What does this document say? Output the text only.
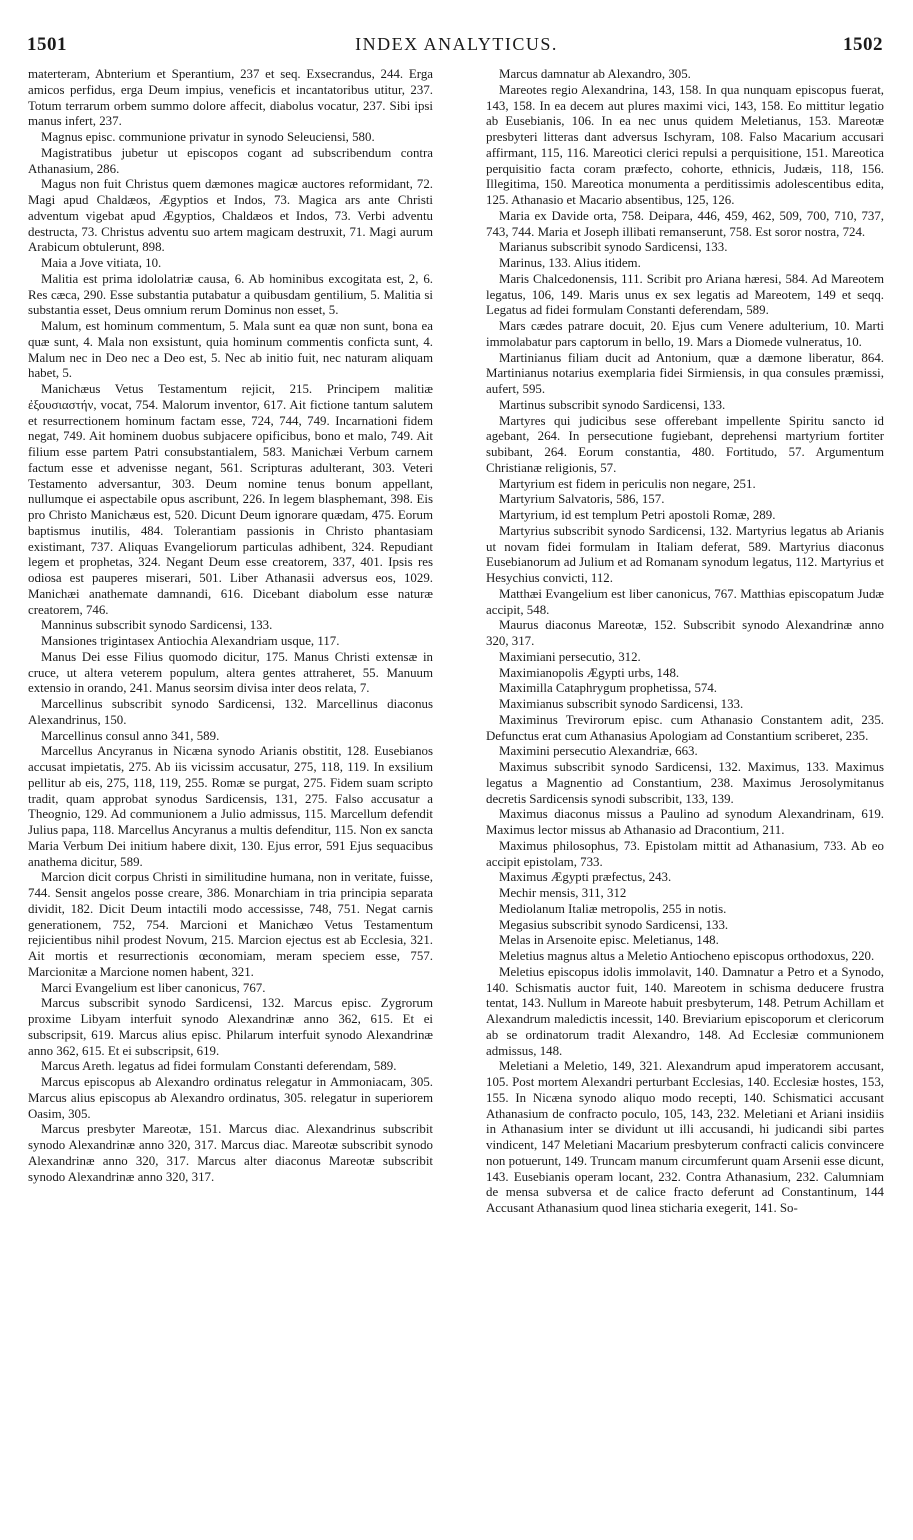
1501	INDEX ANALYTICUS.	1502

materteram, Abnterium et Sperantium, 237 et seq. Exsecrandus, 244. Erga amicos perfidus, erga Deum impius, veneficis et incantatoribus utitur, 237. Totum terrarum orbem summo dolore affecit, diabolus vocatur, 237. Sibi ipsi manus infert, 237.

Magnus episc. communione privatur in synodo Seleuciensi, 580.

Magistratibus jubetur ut episcopos cogant ad subscribendum contra Athanasium, 286.

Magus non fuit Christus quem dæmones magicæ auctores reformidant, 72. Magi apud Chaldæos, Ægyptios et Indos, 73. Magica ars ante Christi adventum vigebat apud Ægyptios, Chaldæos et Indos, 73. Verbi adventu destructa, 73. Christus adventu suo artem magicam destruxit, 71. Magi aurum Arabicum obtulerunt, 898.

Maia a Jove vitiata, 10.

Malitia est prima idololatriæ causa, 6. Ab hominibus excogitata est, 2, 6. Res cæca, 290. Esse substantia putabatur a quibusdam gentilium, 5. Malitia si substantia esset, Deus omnium rerum Dominus non esset, 5.

Malum, est hominum commentum, 5. Mala sunt ea quæ non sunt, bona ea quæ sunt, 4. Mala non exsistunt, quia hominum commentis conficta sunt, 4. Malum nec in Deo nec a Deo est, 5. Nec ab initio fuit, nec naturam aliquam habet, 5.

Manichæus Vetus Testamentum rejicit, 215. Principem malitiæ ἐξουσιαστήν, vocat, 754. Malorum inventor, 617. Ait fictione tantum salutem et resurrectionem hominum factam esse, 724, 744, 749. Incarnationi fidem negat, 749. Ait hominem duobus subjacere opificibus, bono et malo, 749. Ait filium esse partem Patri consubstantialem, 583. Manichæi Verbum carnem factum esse et advenisse negant, 561. Scripturas adulterant, 303. Veteri Testamento adversantur, 303. Deum nomine tenus bonum appellant, nullumque ei aspectabile opus ascribunt, 226. In legem blasphemant, 398. Eis pro Christo Manichæus est, 520. Dicunt Deum ignorare quædam, 475. Eorum baptismus inutilis, 484. Tolerantiam passionis in Christo phantasiam existimant, 737. Aliquas Evangeliorum particulas adhibent, 324. Repudiant legem et prophetas, 324. Negant Deum esse creatorem, 337, 401. Ipsis res odiosa est pauperes miserari, 501. Liber Athanasii adversus eos, 1029. Manichæi anathemate damnandi, 616. Dicebant diabolum esse naturæ creatorem, 746.

Manninus subscribit synodo Sardicensi, 133.

Mansiones trigintasex Antiochia Alexandriam usque, 117.

Manus Dei esse Filius quomodo dicitur, 175. Manus Christi extensæ in cruce, ut altera veterem populum, altera gentes attraheret, 55. Manuum extensio in orando, 241. Manus seorsim divisa inter deos relata, 7.

Marcellinus subscribit synodo Sardicensi, 132. Marcellinus diaconus Alexandrinus, 150.

Marcellinus consul anno 341, 589.

Marcellus Ancyranus in Nicæna synodo Arianis obstitit, 128. Eusebianos accusat impietatis, 275. Ab iis vicissim accusatur, 275, 118, 119. In exsilium pellitur ab eis, 275, 118, 119, 255. Romæ se purgat, 275. Fidem suam scripto tradit, quam approbat synodus Sardicensis, 131, 275. Falso accusatur a Theognio, 129. Ad communionem a Julio admissus, 115. Marcellum defendit Julius papa, 118. Marcellus Ancyranus a multis defenditur, 115. Non ex sancta Maria Verbum Dei initium habere dixit, 130. Ejus error, 591 Ejus sequacibus anathema dicitur, 589.

Marcion dicit corpus Christi in similitudine humana, non in veritate, fuisse, 744. Sensit angelos posse creare, 386. Monarchiam in tria principia separata dividit, 182. Dicit Deum intactili modo accessisse, 748, 751. Negat carnis generationem, 752, 754. Marcioni et Manichæo Vetus Testamentum rejicientibus nihil prodest Novum, 215. Marcion ejectus est ab Ecclesia, 321. Ait mortis et resurrectionis œconomiam, meram speciem esse, 757. Marcionitæ a Marcione nomen habent, 321.

Marci Evangelium est liber canonicus, 767.

Marcus subscribit synodo Sardicensi, 132. Marcus episc. Zygrorum proxime Libyam interfuit synodo Alexandrinæ anno 362, 615. Et ei subscripsit, 619. Marcus alius episc. Philarum interfuit synodo Alexandrinæ anno 362, 615. Et ei subscripsit, 619.

Marcus Areth. legatus ad fidei formulam Constanti deferendam, 589.

Marcus episcopus ab Alexandro ordinatus relegatur in Ammoniacam, 305. Marcus alius episcopus ab Alexandro ordinatus, 305. relegatur in superiorem Oasim, 305.

Marcus presbyter Mareotæ, 151. Marcus diac. Alexandrinus subscribit synodo Alexandrinæ anno 320, 317. Marcus diac. Mareotæ subscribit synodo Alexandrinæ anno 320, 317. Marcus alter diaconus Mareotæ subscribit synodo Alexandrinæ anno 320, 317.

Marcus damnatur ab Alexandro, 305.

Mareotes regio Alexandrina, 143, 158. In qua nunquam episcopus fuerat, 143, 158. In ea decem aut plures maximi vici, 143, 158. Eo mittitur legatio ab Eusebianis, 106. In ea nec unus quidem Meletianus, 153. Mareotæ presbyteri litteras dant adversus Ischyram, 108. Falso Macarium accusari affirmant, 115, 116. Mareotici clerici repulsi a perquisitione, 151. Mareotica perquisitio facta coram præfecto, cohorte, ethnicis, Judæis, 118, 156. Illegitima, 150. Mareotica monumenta a perditissimis adolescentibus edita, 125. Athanasio et Macario absentibus, 125, 126.

Maria ex Davide orta, 758. Deipara, 446, 459, 462, 509, 700, 710, 737, 743, 744. Maria et Joseph illibati remanserunt, 758. Est soror nostra, 724.

Marianus subscribit synodo Sardicensi, 133.

Marinus, 133. Alius itidem.

Maris Chalcedonensis, 111. Scribit pro Ariana hæresi, 584. Ad Mareotem legatus, 106, 149. Maris unus ex sex legatis ad Mareotem, 149 et seqq. Legatus ad fidei formulam Constanti deferendam, 589.

Mars cædes patrare docuit, 20. Ejus cum Venere adulterium, 10. Marti immolabatur pars captorum in bello, 19. Mars a Diomede vulneratus, 10.

Martinianus filiam ducit ad Antonium, quæ a dæmone liberatur, 864. Martinianus notarius exemplaria fidei Sirmiensis, in qua consules præmissi, aufert, 595.

Martinus subscribit synodo Sardicensi, 133.

Martyres qui judicibus sese offerebant impellente Spiritu sancto id agebant, 264. In persecutione fugiebant, deprehensi martyrium fortiter subibant, 264. Eorum constantia, 480. Fortitudo, 57. Argumentum Christianæ religionis, 57.

Martyrium est fidem in periculis non negare, 251.

Martyrium Salvatoris, 586, 157.

Martyrium, id est templum Petri apostoli Romæ, 289.

Martyrius subscribit synodo Sardicensi, 132. Martyrius legatus ab Arianis ut novam fidei formulam in Italiam deferat, 589. Martyrius diaconus Eusebianorum ad Julium et ad Romanam synodum legatus, 112. Martyrius et Hesychius convicti, 112.

Matthæi Evangelium est liber canonicus, 767. Matthias episcopatum Judæ accipit, 548.

Maurus diaconus Mareotæ, 152. Subscribit synodo Alexandrinæ anno 320, 317.

Maximiani persecutio, 312.

Maximianopolis Ægypti urbs, 148.

Maximilla Cataphrygum prophetissa, 574.

Maximianus subscribit synodo Sardicensi, 133.

Maximinus Trevirorum episc. cum Athanasio Constantem adit, 235. Defunctus erat cum Athanasius Apologiam ad Constantium scriberet, 235.

Maximini persecutio Alexandriæ, 663.

Maximus subscribit synodo Sardicensi, 132. Maximus, 133. Maximus legatus a Magnentio ad Constantium, 238. Maximus Jerosolymitanus decretis Sardicensis synodi subscribit, 133, 139.

Maximus diaconus missus a Paulino ad synodum Alexandrinam, 619. Maximus lector missus ab Athanasio ad Dracontium, 211.

Maximus philosophus, 73. Epistolam mittit ad Athanasium, 733. Ab eo accipit epistolam, 733.

Maximus Ægypti præfectus, 243.

Mechir mensis, 311, 312

Mediolanum Italiæ metropolis, 255 in notis.

Megasius subscribit synodo Sardicensi, 133.

Melas in Arsenoite episc. Meletianus, 148.

Meletius magnus altus a Meletio Antiocheno episcopus orthodoxus, 220.

Meletius episcopus idolis immolavit, 140. Damnatur a Petro et a Synodo, 140. Schismatis auctor fuit, 140. Mareotem in schisma deducere frustra tentat, 143. Nullum in Mareote habuit presbyterum, 148. Petrum Achillam et Alexandrum maledictis incessit, 140. Breviarium episcoporum et clericorum ab se ordinatorum tradit Alexandro, 148. Ad Ecclesiæ communionem admissus, 148.

Meletiani a Meletio, 149, 321. Alexandrum apud imperatorem accusant, 105. Post mortem Alexandri perturbant Ecclesias, 140. Ecclesiæ hostes, 153, 155. In Nicæna synodo aliquo modo recepti, 140. Schismatici accusant Athanasium de confracto poculo, 105, 143, 232. Meletiani et Ariani insidiis in Athanasium inter se dividunt ut illi accusandi, hi judicandi sibi partes vindicent, 147 Meletiani Macarium presbyterum confracti calicis convincere non potuerunt, 149. Truncam manum circumferunt quam Arsenii esse dicunt, 143. Eusebianis operam locant, 232. Contra Athanasium, 232. Calumniam de mensa subversa et de calice fracto deferunt ad Constantinum, 144 Accusant Athanasium quod linea sticharia exegerit, 141. So-
